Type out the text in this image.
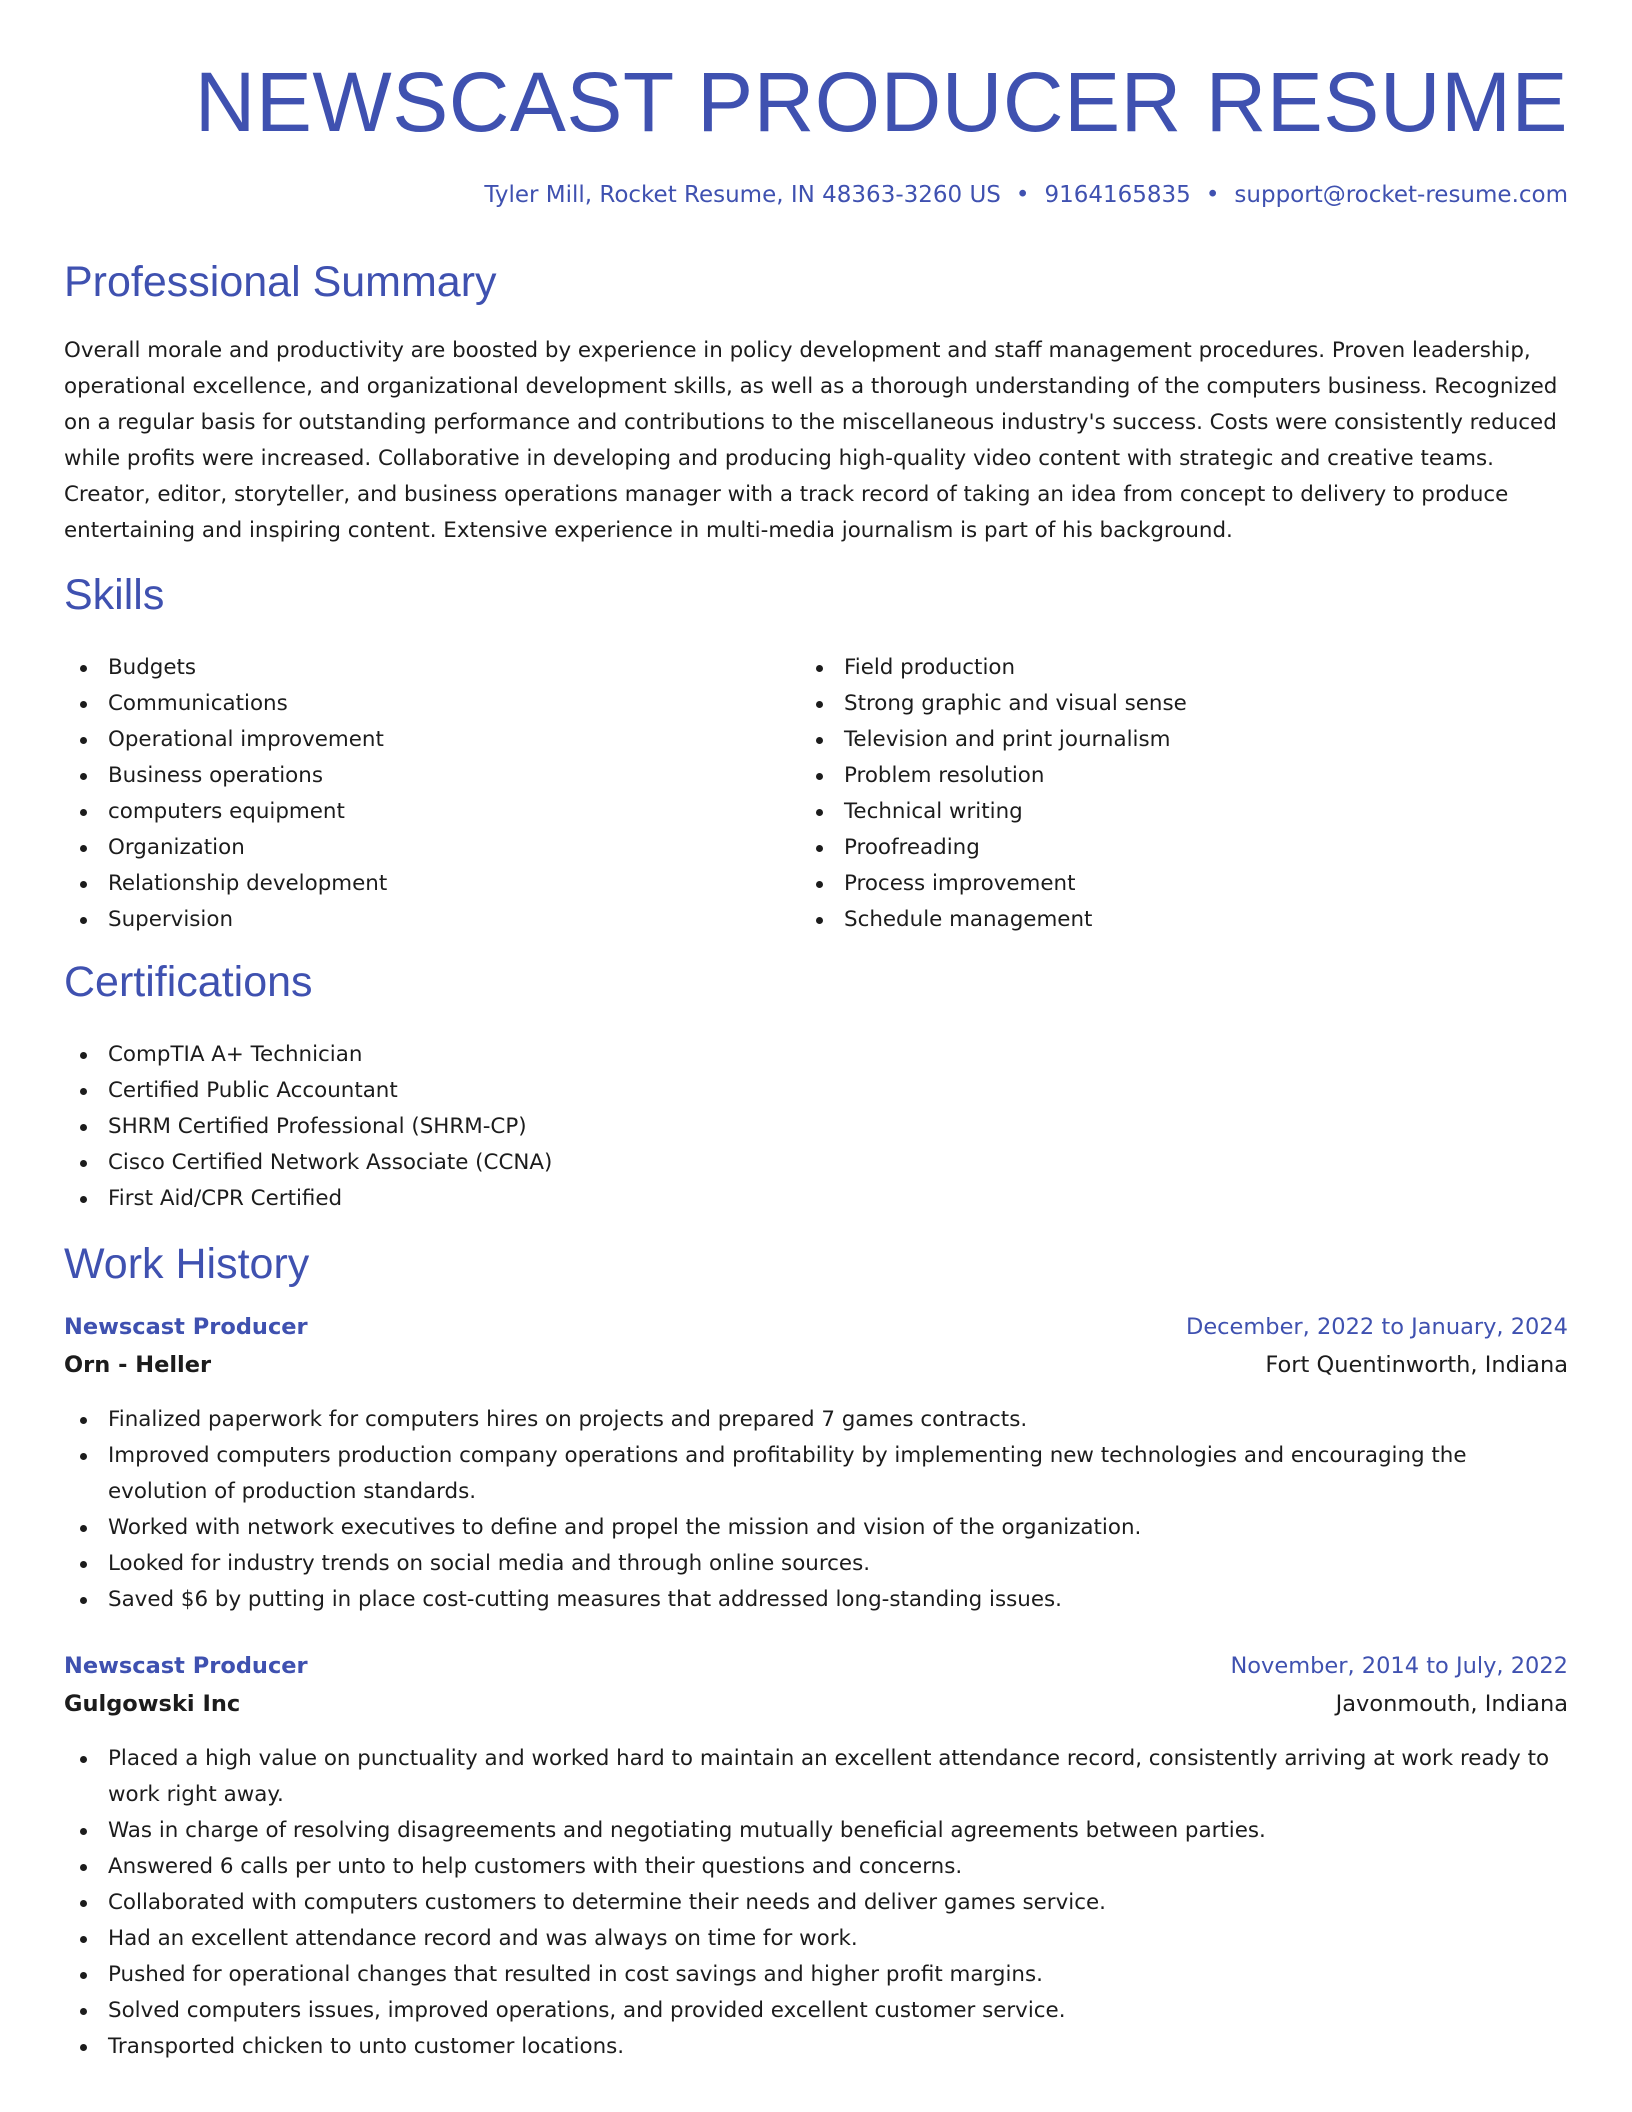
NEWSCAST PRODUCER RESUME
Tyler Mill, Rocket Resume, IN 48363-3260 US • 9164165835 • support@rocket-resume.com
Professional Summary

Overall morale and productivity are boosted by experience in policy development and staff management procedures. Proven leadership, operational excellence, and organizational development skills, as well as a thorough understanding of the computers business. Recognized on a regular basis for outstanding performance and contributions to the miscellaneous industry's success. Costs were consistently reduced while profits were increased. Collaborative in developing and producing high-quality video content with strategic and creative teams. Creator, editor, storyteller, and business operations manager with a track record of taking an idea from concept to delivery to produce entertaining and inspiring content. Extensive experience in multi-media journalism is part of his background.

Skills
Budgets
Communications
Operational improvement
Business operations
computers equipment
Organization
Relationship development
Supervision
Field production
Strong graphic and visual sense
Television and print journalism
Problem resolution
Technical writing
Proofreading
Process improvement
Schedule management
Certifications
CompTIA A+ Technician
Certified Public Accountant
SHRM Certified Professional (SHRM-CP)
Cisco Certified Network Associate (CCNA)
First Aid/CPR Certified
Work History
Newscast Producer	December, 2022 to January, 2024
Orn - Heller	Fort Quentinworth, Indiana
Finalized paperwork for computers hires on projects and prepared 7 games contracts.
Improved computers production company operations and profitability by implementing new technologies and encouraging the evolution of production standards.
Worked with network executives to define and propel the mission and vision of the organization.
Looked for industry trends on social media and through online sources.
Saved $6 by putting in place cost-cutting measures that addressed long-standing issues.
Newscast Producer	November, 2014 to July, 2022
Gulgowski Inc	Javonmouth, Indiana
Placed a high value on punctuality and worked hard to maintain an excellent attendance record, consistently arriving at work ready to work right away.
Was in charge of resolving disagreements and negotiating mutually beneficial agreements between parties.
Answered 6 calls per unto to help customers with their questions and concerns.
Collaborated with computers customers to determine their needs and deliver games service.
Had an excellent attendance record and was always on time for work.
Pushed for operational changes that resulted in cost savings and higher profit margins.
Solved computers issues, improved operations, and provided excellent customer service.
Transported chicken to unto customer locations.
